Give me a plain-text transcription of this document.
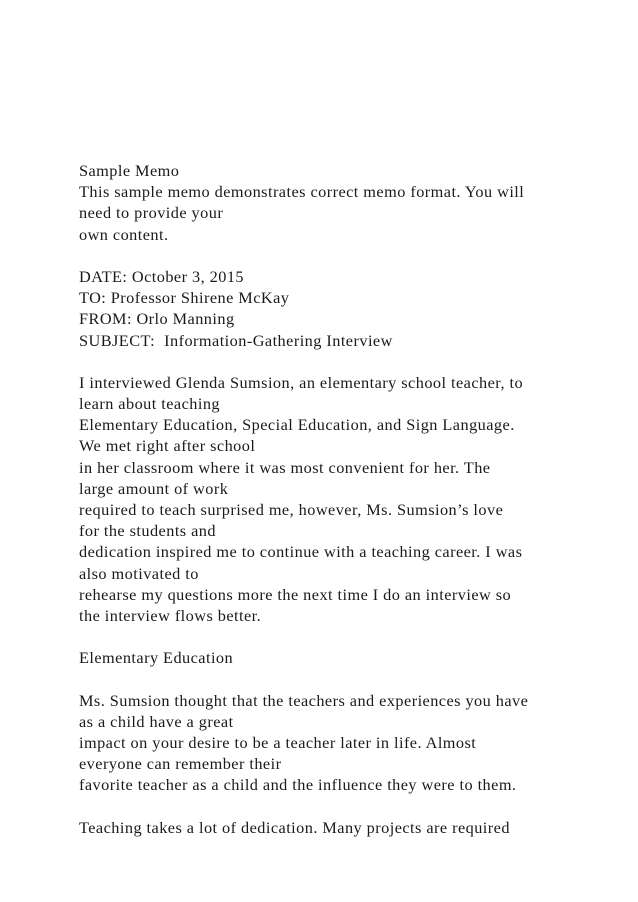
Sample Memo
This sample memo demonstrates correct memo format. You will
need to provide your
own content.
DATE: October 3, 2015
TO: Professor Shirene McKay
FROM: Orlo Manning
SUBJECT:  Information-Gathering Interview
I interviewed Glenda Sumsion, an elementary school teacher, to
learn about teaching
Elementary Education, Special Education, and Sign Language.
We met right after school
in her classroom where it was most convenient for her. The
large amount of work
required to teach surprised me, however, Ms. Sumsion’s love
for the students and
dedication inspired me to continue with a teaching career. I was
also motivated to
rehearse my questions more the next time I do an interview so
the interview flows better.
Elementary Education
Ms. Sumsion thought that the teachers and experiences you have
as a child have a great
impact on your desire to be a teacher later in life. Almost
everyone can remember their
favorite teacher as a child and the influence they were to them.
Teaching takes a lot of dedication. Many projects are required
